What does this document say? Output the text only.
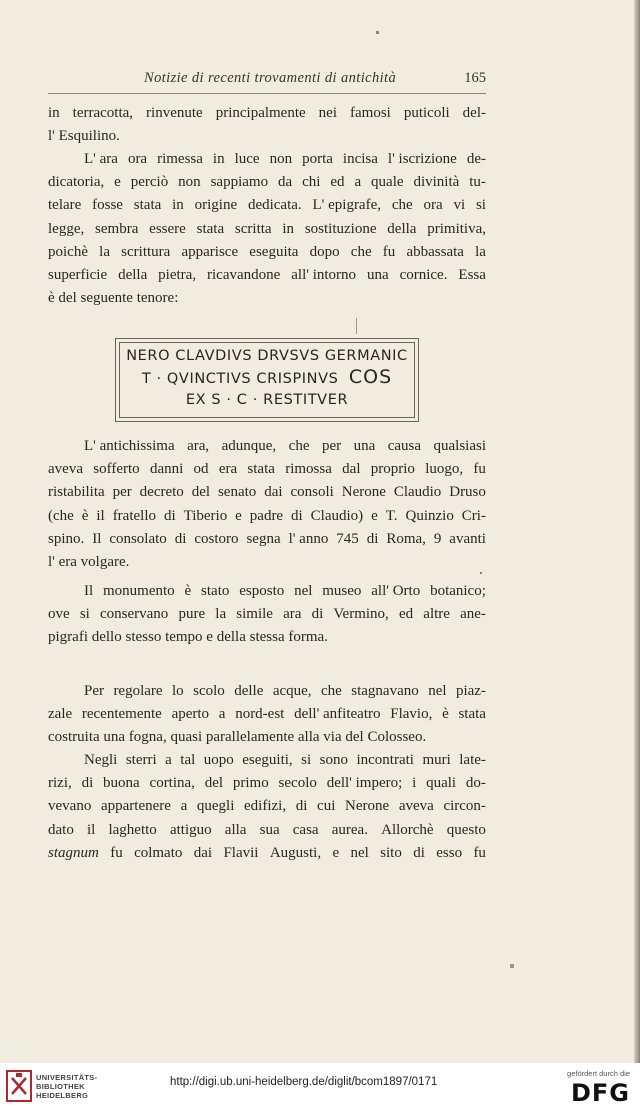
Notizie di recenti trovamenti di antichità	165
in terracotta, rinvenute principalmente nei famosi puticoli del-
l' Esquilino.
L' ara ora rimessa in luce non porta incisa l' iscrizione de-
dicatoria, e perciò non sappiamo da chi ed a quale divinità tu-
telare fosse stata in origine dedicata. L' epigrafe, che ora vi si
legge, sembra essere stata scritta in sostituzione della primitiva,
poichè la scrittura apparisce eseguita dopo che fu abbassata la
superficie della pietra, ricavandone all' intorno una cornice. Essa
è del seguente tenore:
NERO CLAVDIVS DRVSVS GERMANIC
T · QVINCTIVS CRISPINVS COS
EX S · C · RESTITVER
L' antichissima ara, adunque, che per una causa qualsiasi
aveva sofferto danni od era stata rimossa dal proprio luogo, fu
ristabilita per decreto del senato dai consoli Nerone Claudio Druso
(che è il fratello di Tiberio e padre di Claudio) e T. Quinzio Cri-
spino. Il consolato di costoro segna l' anno 745 di Roma, 9 avanti
l' era volgare.
Il monumento è stato esposto nel museo all' Orto botanico;
ove si conservano pure la simile ara di Vermino, ed altre ane-
pigrafi dello stesso tempo e della stessa forma.
Per regolare lo scolo delle acque, che stagnavano nel piaz-
zale recentemente aperto a nord-est dell' anfiteatro Flavio, è stata
costruita una fogna, quasi parallelamente alla via del Colosseo.
Negli sterri a tal uopo eseguiti, si sono incontrati muri late-
rizi, di buona cortina, del primo secolo dell' impero; i quali do-
vevano appartenere a quegli edifizi, di cui Nerone aveva circon-
dato il laghetto attiguo alla sua casa aurea. Allorchè questo
stagnum fu colmato dai Flavii Augusti, e nel sito di esso fu
UNIVERSITÄTS-
BIBLIOTHEK
HEIDELBERG
http://digi.ub.uni-heidelberg.de/diglit/bcom1897/0171
gefördert durch die
DFG
